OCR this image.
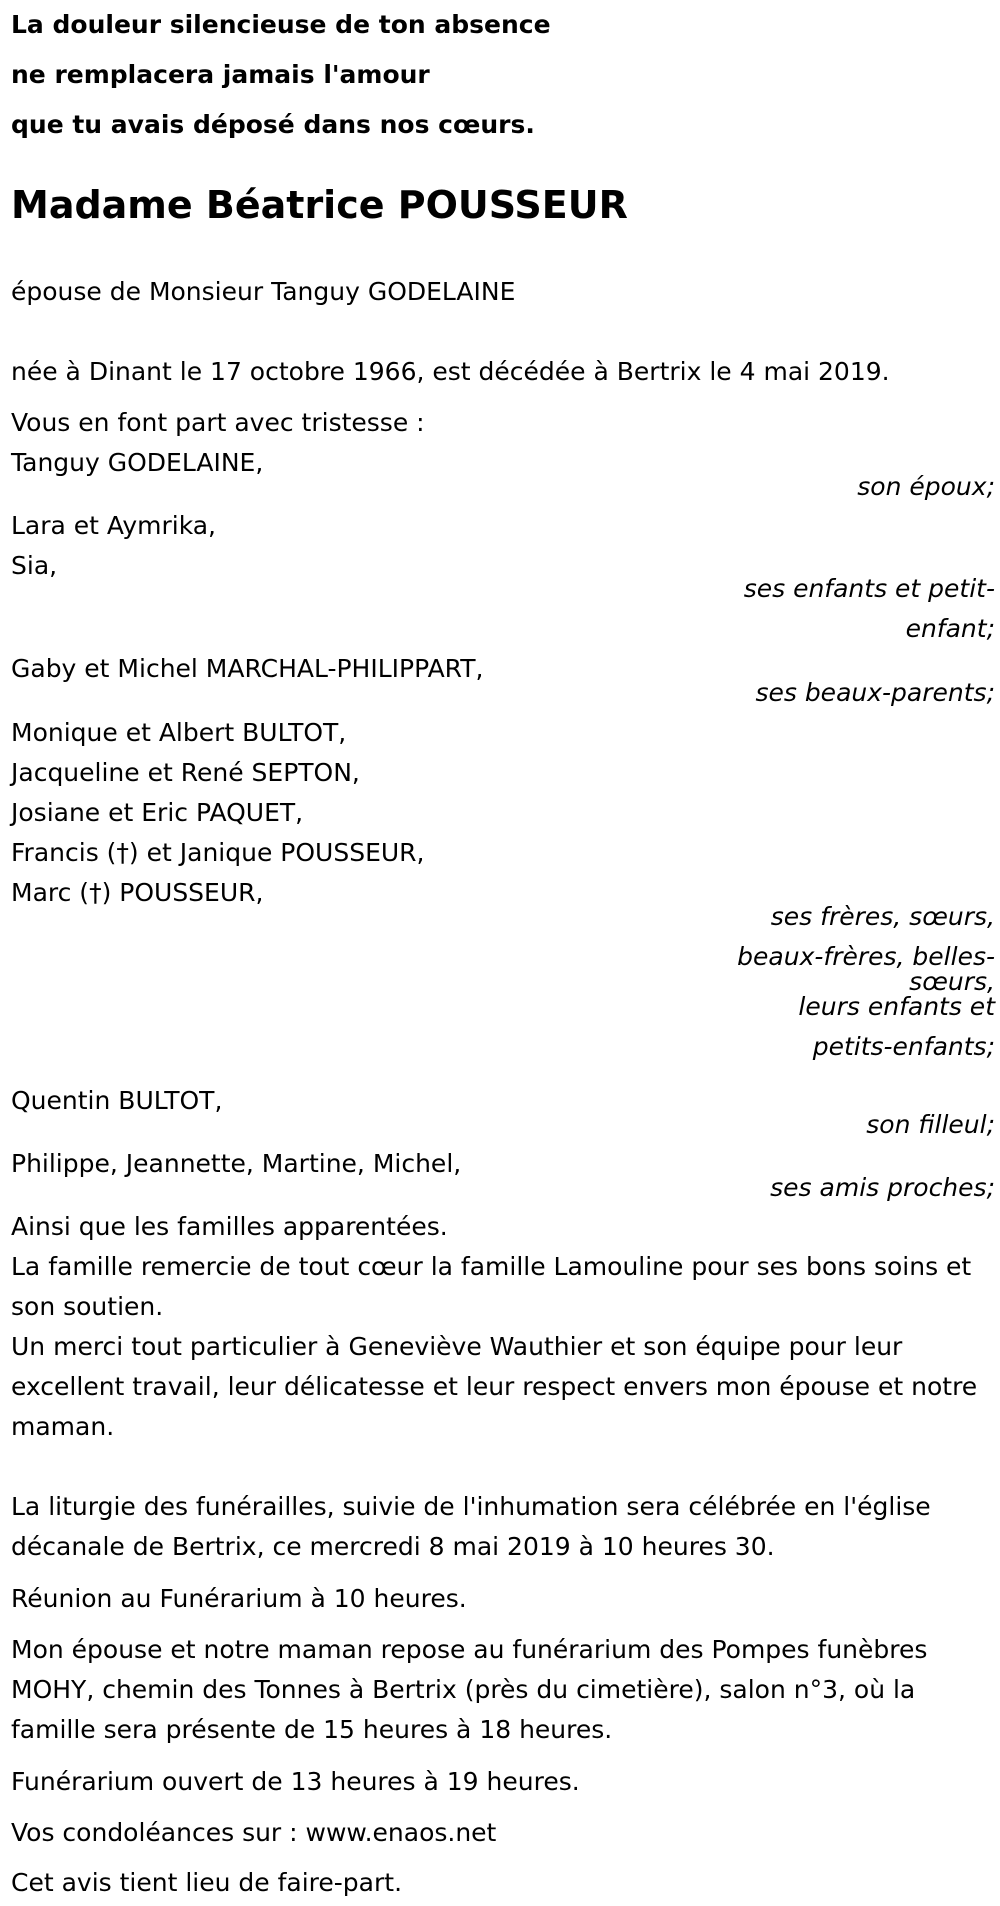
La douleur silencieuse de ton absence

ne remplacera jamais l'amour

que tu avais déposé dans nos cœurs.

Madame Béatrice POUSSEUR

épouse de Monsieur Tanguy GODELAINE

née à Dinant le 17 octobre 1966, est décédée à Bertrix le 4 mai 2019.

Vous en font part avec tristesse :

Tanguy GODELAINE,

son époux;

Lara et Aymrika,

Sia,

ses enfants et petit-
enfant;

Gaby et Michel MARCHAL-PHILIPPART,

ses beaux-parents;

Monique et Albert BULTOT,

Jacqueline et René SEPTON,

Josiane et Eric PAQUET,

Francis (†) et Janique POUSSEUR,

Marc (†) POUSSEUR,

ses frères, sœurs,
beaux-frères, belles-
sœurs,
leurs enfants et
petits-enfants;

Quentin BULTOT,

son filleul;

Philippe, Jeannette, Martine, Michel,

ses amis proches;

Ainsi que les familles apparentées.

La famille remercie de tout cœur la famille Lamouline pour ses bons soins et son soutien.

Un merci tout particulier à Geneviève Wauthier et son équipe pour leur excellent travail, leur délicatesse et leur respect envers mon épouse et notre maman.

La liturgie des funérailles, suivie de l'inhumation sera célébrée en l'église décanale de Bertrix, ce mercredi 8 mai 2019 à 10 heures 30.

Réunion au Funérarium à 10 heures.

Mon épouse et notre maman repose au funérarium des Pompes funèbres MOHY, chemin des Tonnes à Bertrix (près du cimetière), salon n°3, où la famille sera présente de 15 heures à 18 heures.

Funérarium ouvert de 13 heures à 19 heures.

Vos condoléances sur : www.enaos.net

Cet avis tient lieu de faire-part.
